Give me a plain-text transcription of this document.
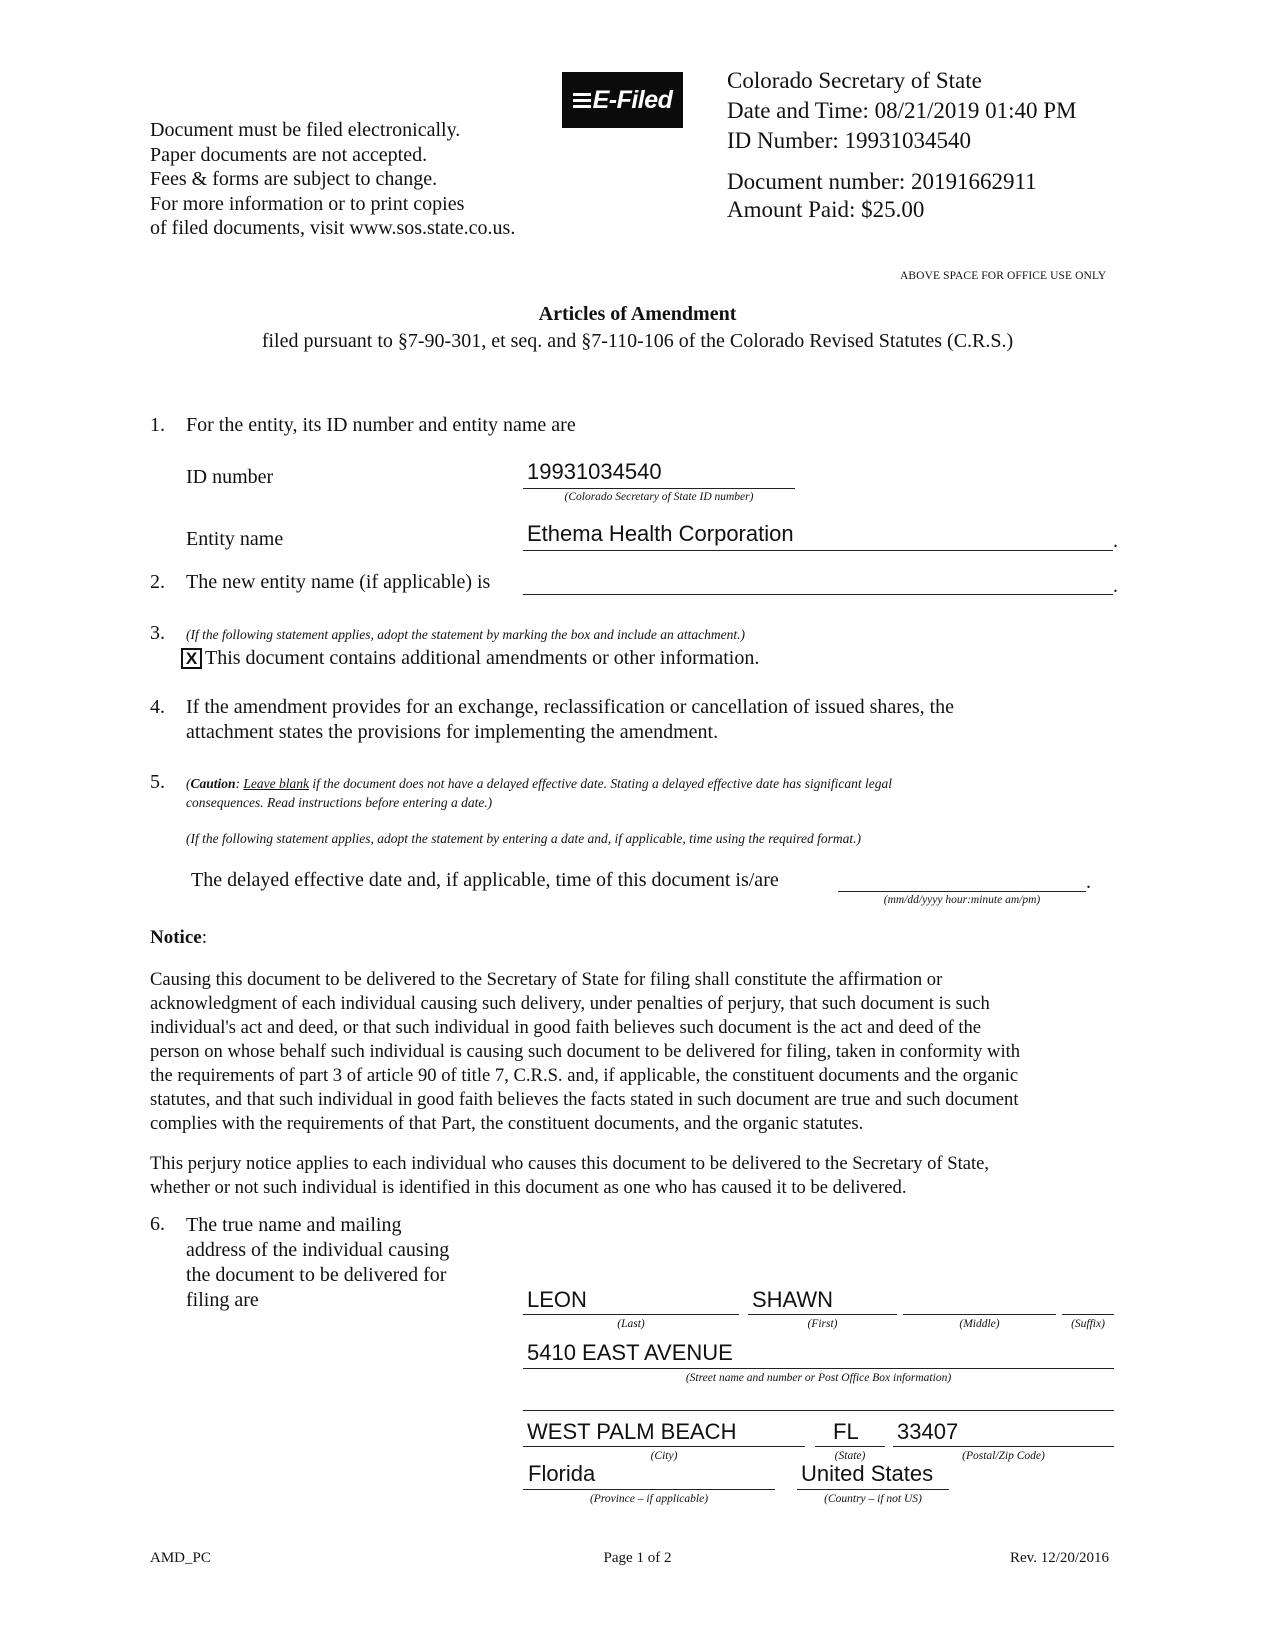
Document must be filed electronically.
Paper documents are not accepted.
Fees & forms are subject to change.
For more information or to print copies
of filed documents, visit www.sos.state.co.us.
E-Filed
Colorado Secretary of State
Date and Time: 08/21/2019 01:40 PM
ID Number: 19931034540
Document number: 20191662911
Amount Paid: $25.00
ABOVE SPACE FOR OFFICE USE ONLY
Articles of Amendment
filed pursuant to §7-90-301, et seq. and §7-110-106 of the Colorado Revised Statutes (C.R.S.)
1. For the entity, its ID number and entity name are
ID number	19931034540
(Colorado Secretary of State ID number)
Entity name	Ethema Health Corporation	.
2. The new entity name (if applicable) is	.
3. (If the following statement applies, adopt the statement by marking the box and include an attachment.)
X This document contains additional amendments or other information.
4. If the amendment provides for an exchange, reclassification or cancellation of issued shares, the
attachment states the provisions for implementing the amendment.
5. (Caution: Leave blank if the document does not have a delayed effective date. Stating a delayed effective date has significant legal
consequences. Read instructions before entering a date.)
(If the following statement applies, adopt the statement by entering a date and, if applicable, time using the required format.)
The delayed effective date and, if applicable, time of this document is/are	.
(mm/dd/yyyy hour:minute am/pm)
Notice:
Causing this document to be delivered to the Secretary of State for filing shall constitute the affirmation or
acknowledgment of each individual causing such delivery, under penalties of perjury, that such document is such
individual's act and deed, or that such individual in good faith believes such document is the act and deed of the
person on whose behalf such individual is causing such document to be delivered for filing, taken in conformity with
the requirements of part 3 of article 90 of title 7, C.R.S. and, if applicable, the constituent documents and the organic
statutes, and that such individual in good faith believes the facts stated in such document are true and such document
complies with the requirements of that Part, the constituent documents, and the organic statutes.
This perjury notice applies to each individual who causes this document to be delivered to the Secretary of State,
whether or not such individual is identified in this document as one who has caused it to be delivered.
6. The true name and mailing
address of the individual causing
the document to be delivered for
filing are	LEON
(Last)
SHAWN
(First)	(Middle)	(Suffix)
5410 EAST AVENUE
(Street name and number or Post Office Box information)
WEST PALM BEACH
(City)
FL
(State)
33407
(Postal/Zip Code)
Florida
(Province – if applicable)
United States
(Country – if not US)
AMD_PC	Page 1 of 2	Rev. 12/20/2016
